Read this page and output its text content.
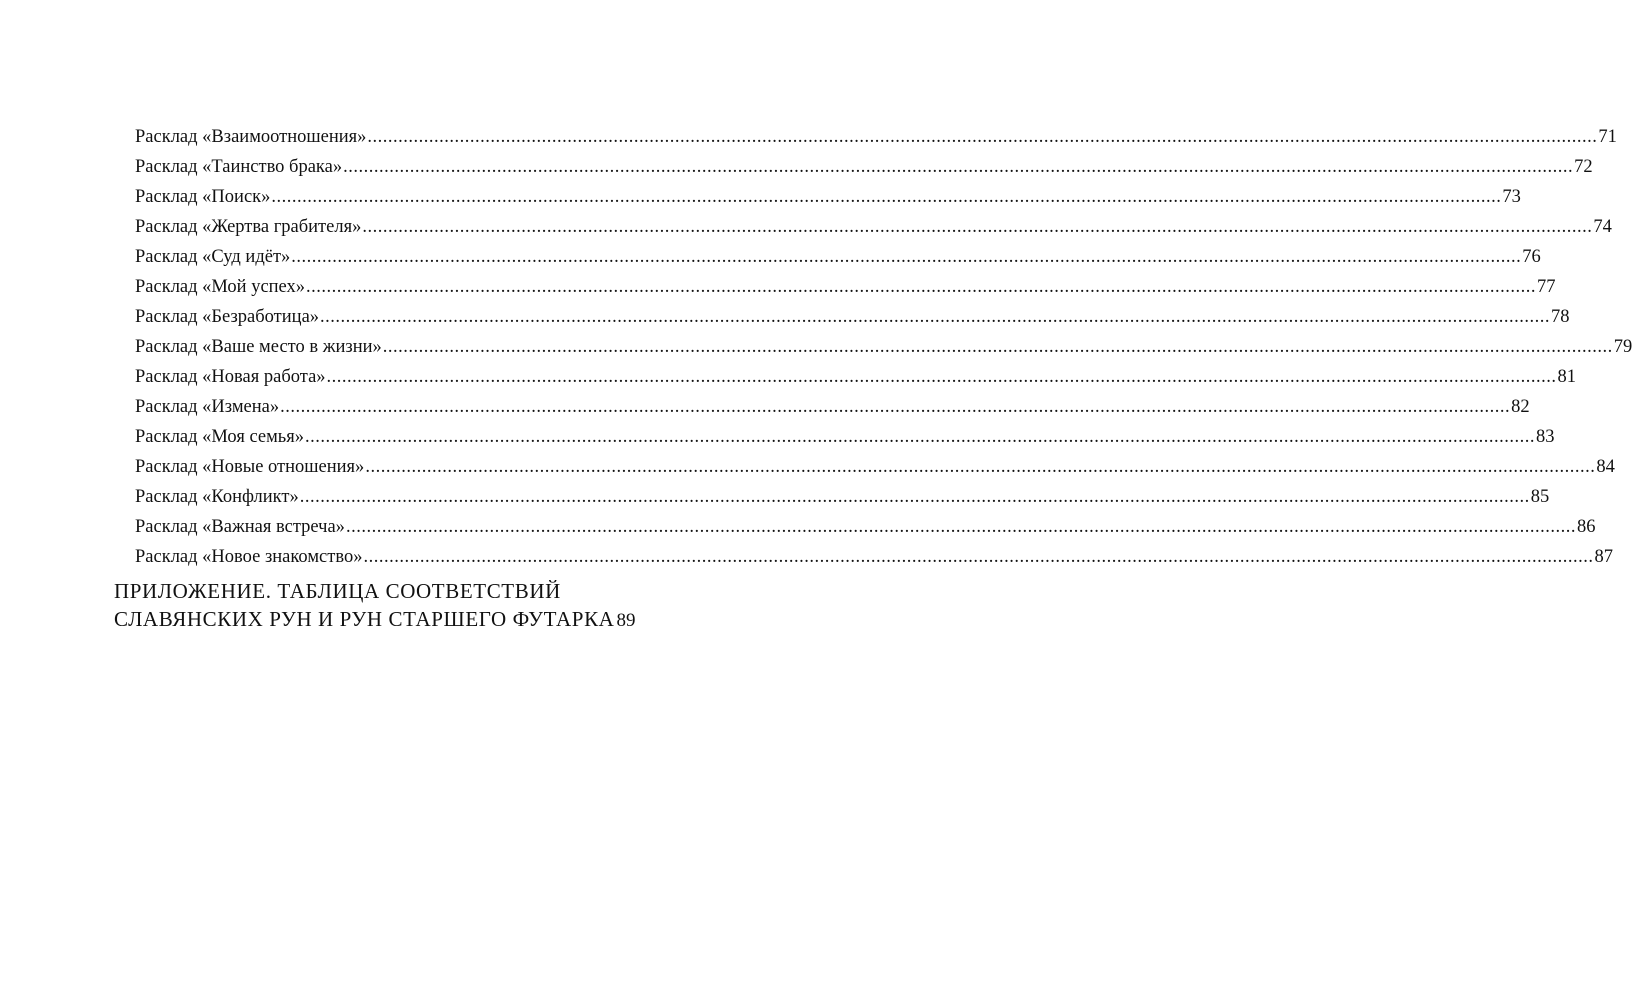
Расклад «Взаимоотношения» .....	71
Расклад «Таинство брака» .....	72
Расклад «Поиск» .....	73
Расклад «Жертва грабителя» .....	74
Расклад «Суд идёт» .....	76
Расклад «Мой успех» .....	77
Расклад «Безработица» .....	78
Расклад «Ваше место в жизни» .....	79
Расклад «Новая работа» .....	81
Расклад «Измена» .....	82
Расклад «Моя семья» .....	83
Расклад «Новые отношения» .....	84
Расклад «Конфликт» .....	85
Расклад «Важная встреча» .....	86
Расклад «Новое знакомство» .....	87
ПРИЛОЖЕНИЕ. ТАБЛИЦА СООТВЕТСТВИЙ
СЛАВЯНСКИХ РУН И РУН СТАРШЕГО ФУТАРКА 89
